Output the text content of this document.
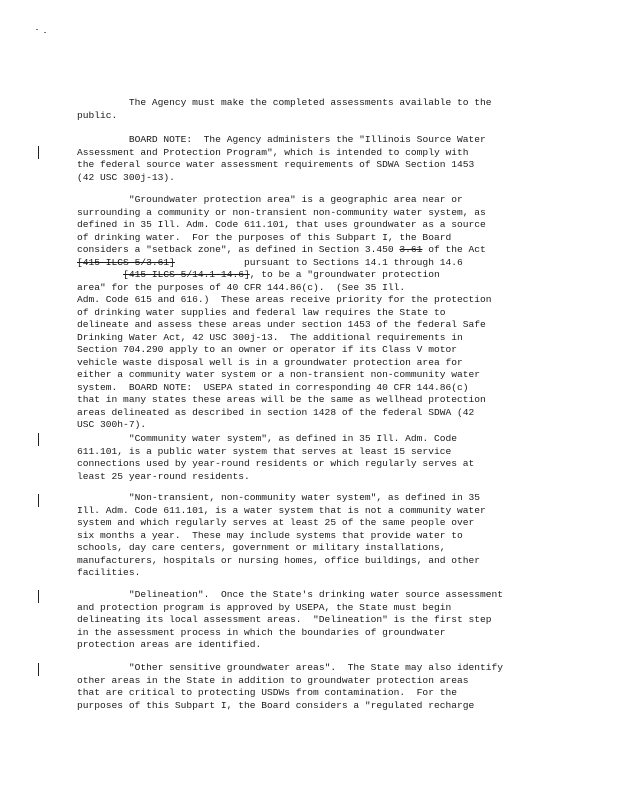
The Agency must make the completed assessments available to the
public.

BOARD NOTE:  The Agency administers the "Illinois Source Water
Assessment and Protection Program", which is intended to comply with
the federal source water assessment requirements of SDWA Section 1453
(42 USC 300j-13).

"Groundwater protection area" is a geographic area near or
surrounding a community or non-transient non-community water system, as
defined in 35 Ill. Adm. Code 611.101, that uses groundwater as a source
of drinking water.  For the purposes of this Subpart I, the Board
considers a "setback zone", as defined in Section 3.450 3.61 of the Act
[415 ILCS 5/3.61]	pursuant to Sections 14.1 through 14.6
[415 ILCS 5/14.1-14.6], to be a "groundwater protection
area" for the purposes of 40 CFR 144.86(c).  (See 35 Ill.
Adm. Code 615 and 616.)  These areas receive priority for the protection
of drinking water supplies and federal law requires the State to
delineate and assess these areas under section 1453 of the federal Safe
Drinking Water Act, 42 USC 300j-13.  The additional requirements in
Section 704.290 apply to an owner or operator if its Class V motor
vehicle waste disposal well is in a groundwater protection area for
either a community water system or a non-transient non-community water
system.  BOARD NOTE:  USEPA stated in corresponding 40 CFR 144.86(c)
that in many states these areas will be the same as wellhead protection
areas delineated as described in section 1428 of the federal SDWA (42
USC 300h-7).

"Community water system", as defined in 35 Ill. Adm. Code
611.101, is a public water system that serves at least 15 service
connections used by year-round residents or which regularly serves at
least 25 year-round residents.

"Non-transient, non-community water system", as defined in 35
Ill. Adm. Code 611.101, is a water system that is not a community water
system and which regularly serves at least 25 of the same people over
six months a year.  These may include systems that provide water to
schools, day care centers, government or military installations,
manufacturers, hospitals or nursing homes, office buildings, and other
facilities.

"Delineation".  Once the State's drinking water source assessment
and protection program is approved by USEPA, the State must begin
delineating its local assessment areas.  "Delineation" is the first step
in the assessment process in which the boundaries of groundwater
protection areas are identified.

"Other sensitive groundwater areas".  The State may also identify
other areas in the State in addition to groundwater protection areas
that are critical to protecting USDWs from contamination.  For the
purposes of this Subpart I, the Board considers a "regulated recharge
